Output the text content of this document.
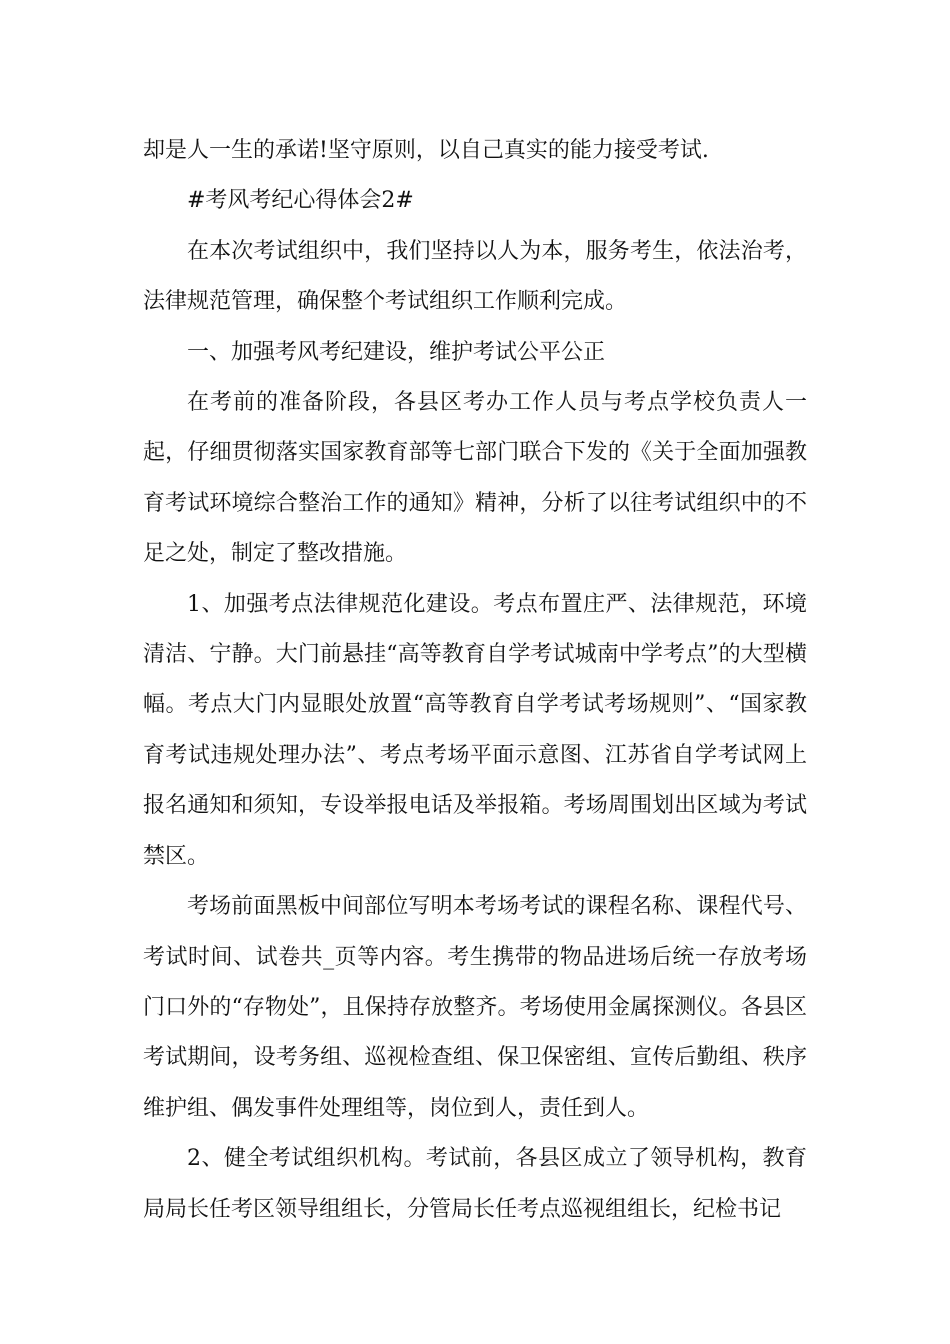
却是人一生的承诺!坚守原则，以自己真实的能力接受考试.

#考风考纪心得体会2#

在本次考试组织中，我们坚持以人为本，服务考生，依法治考，法律规范管理，确保整个考试组织工作顺利完成。

一、加强考风考纪建设，维护考试公平公正

在考前的准备阶段，各县区考办工作人员与考点学校负责人一起，仔细贯彻落实国家教育部等七部门联合下发的《关于全面加强教育考试环境综合整治工作的通知》精神，分析了以往考试组织中的不足之处，制定了整改措施。

1、加强考点法律规范化建设。考点布置庄严、法律规范，环境清洁、宁静。大门前悬挂“高等教育自学考试城南中学考点”的大型横幅。考点大门内显眼处放置“高等教育自学考试考场规则”、“国家教育考试违规处理办法”、考点考场平面示意图、江苏省自学考试网上报名通知和须知，专设举报电话及举报箱。考场周围划出区域为考试禁区。

考场前面黑板中间部位写明本考场考试的课程名称、课程代号、考试时间、试卷共_页等内容。考生携带的物品进场后统一存放考场门口外的“存物处”，且保持存放整齐。考场使用金属探测仪。各县区考试期间，设考务组、巡视检查组、保卫保密组、宣传后勤组、秩序维护组、偶发事件处理组等，岗位到人，责任到人。

2、健全考试组织机构。考试前，各县区成立了领导机构，教育局局长任考区领导组组长，分管局长任考点巡视组组长，纪检书记
